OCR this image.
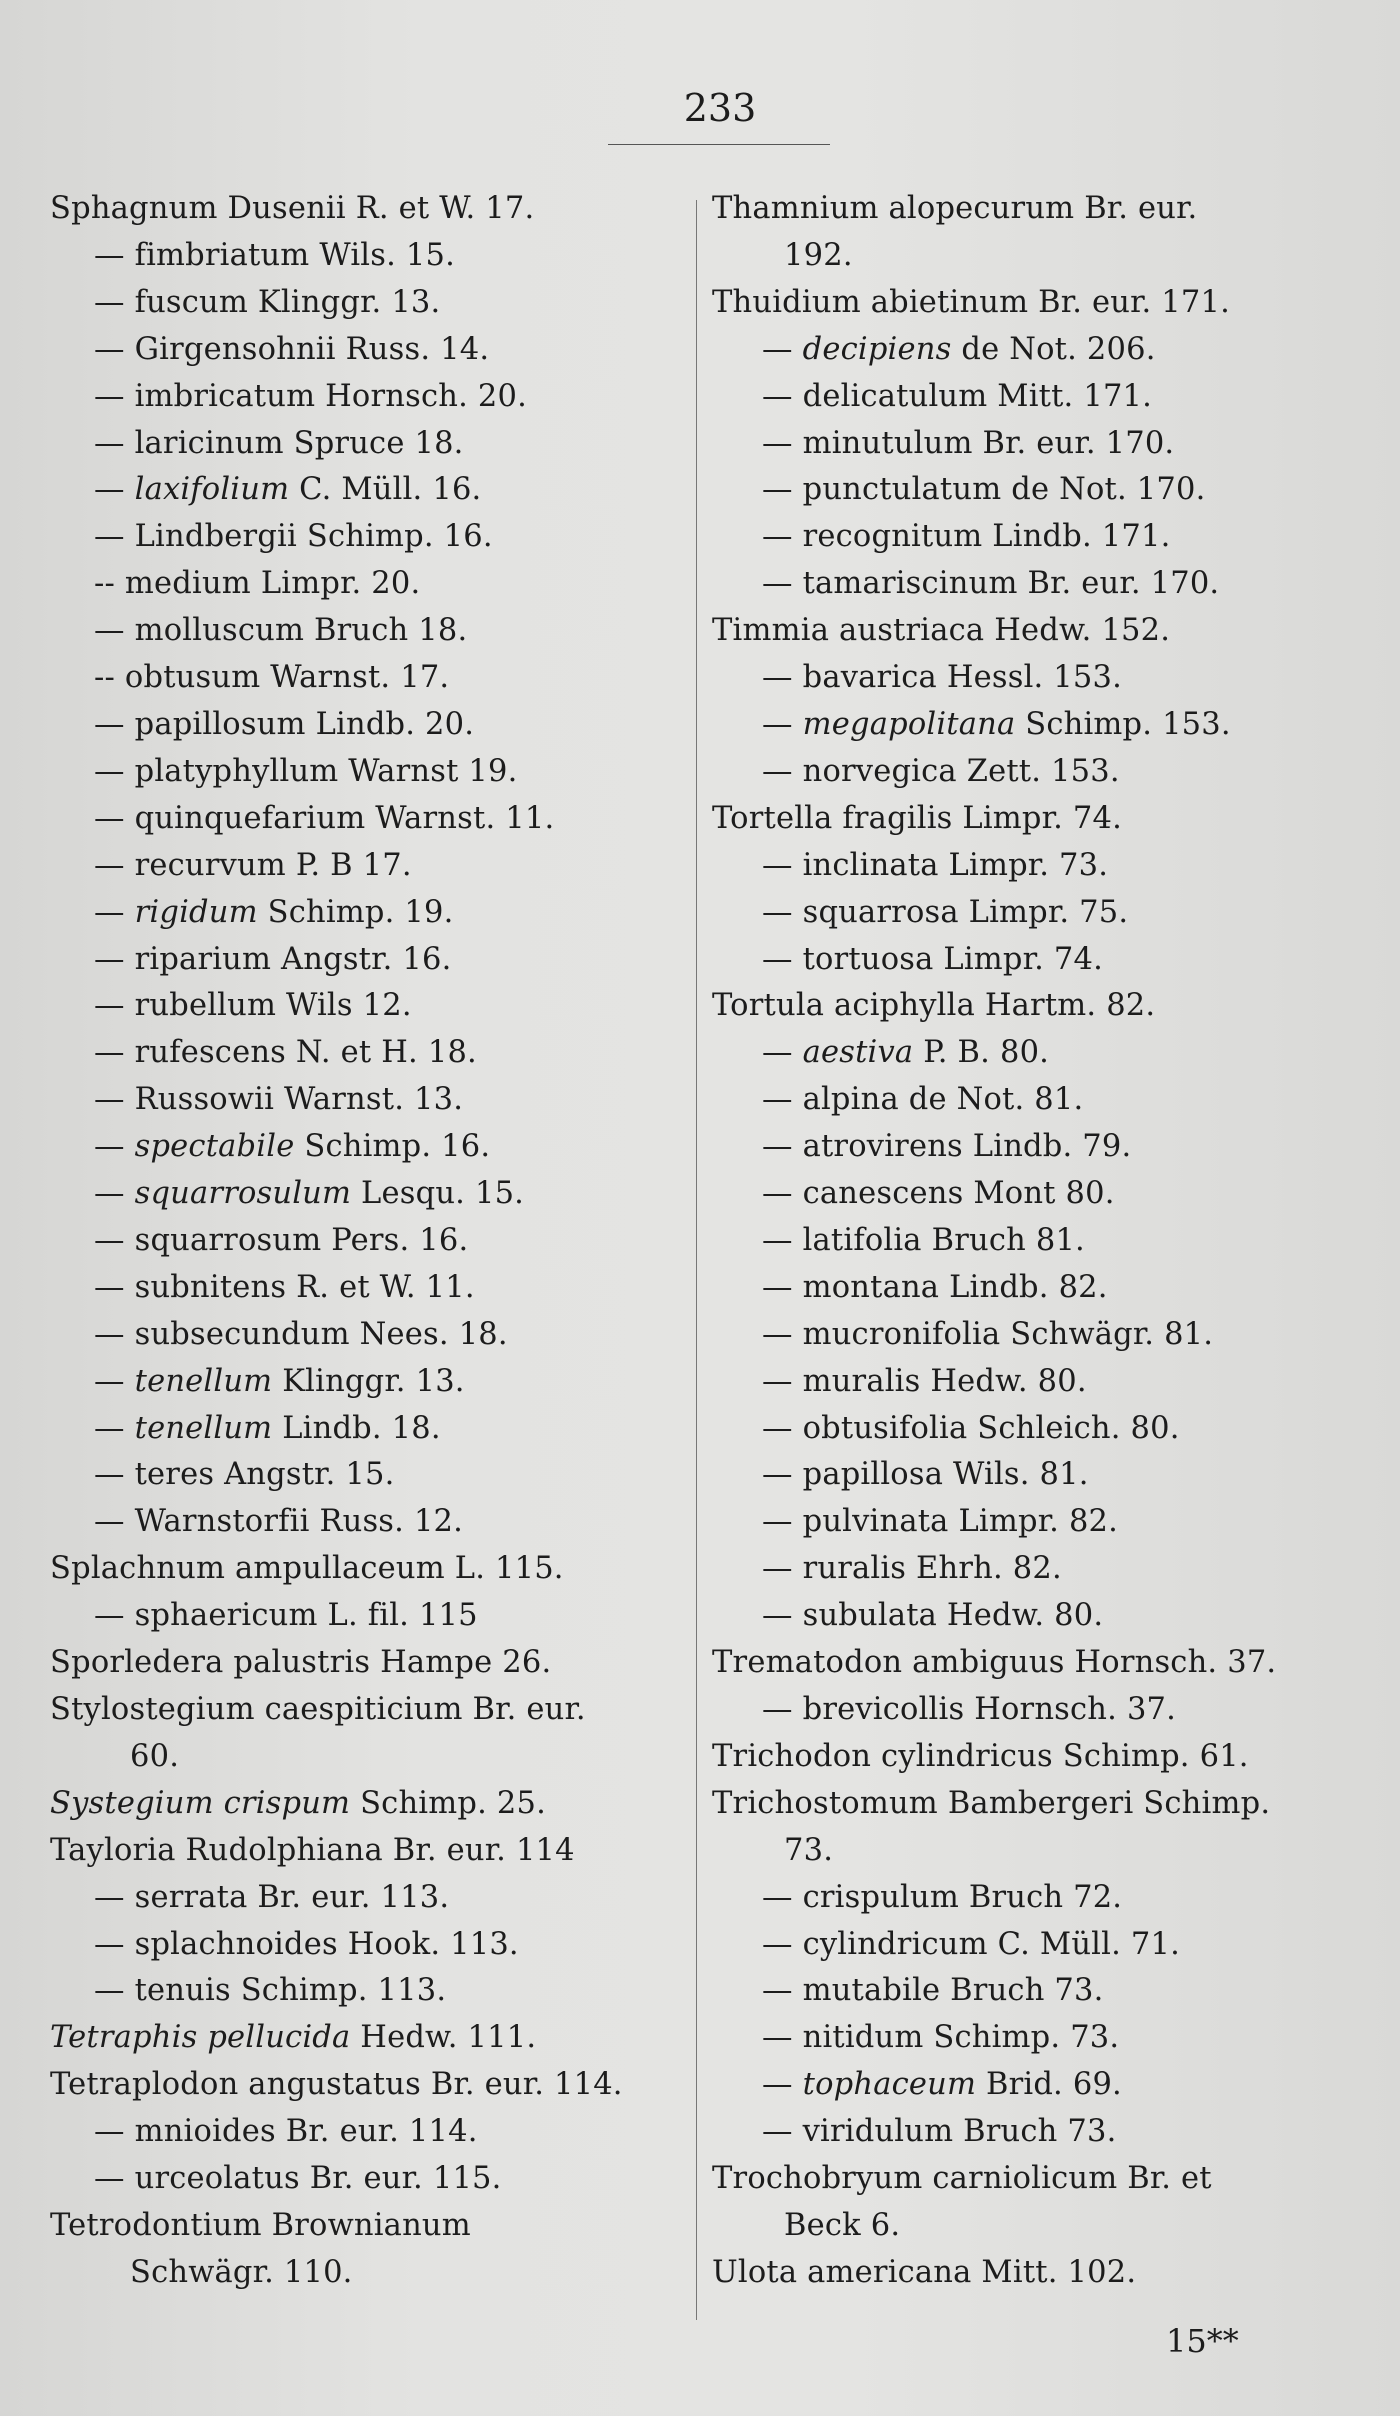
233
Sphagnum Dusenii R. et W. 17.
— fimbriatum Wils. 15.
— fuscum Klinggr. 13.
— Girgensohnii Russ. 14.
— imbricatum Hornsch. 20.
— laricinum Spruce 18.
— laxifolium C. Müll. 16.
— Lindbergii Schimp. 16.
-- medium Limpr. 20.
— molluscum Bruch 18.
-- obtusum Warnst. 17.
— papillosum Lindb. 20.
— platyphyllum Warnst 19.
— quinquefarium Warnst. 11.
— recurvum P. B 17.
— rigidum Schimp. 19.
— riparium Angstr. 16.
— rubellum Wils 12.
— rufescens N. et H. 18.
— Russowii Warnst. 13.
— spectabile Schimp. 16.
— squarrosulum Lesqu. 15.
— squarrosum Pers. 16.
— subnitens R. et W. 11.
— subsecundum Nees. 18.
— tenellum Klinggr. 13.
— tenellum Lindb. 18.
— teres Angstr. 15.
— Warnstorfii Russ. 12.
Splachnum ampullaceum L. 115.
— sphaericum L. fil. 115
Sporledera palustris Hampe 26.
Stylostegium caespiticium Br. eur.
60.
Systegium crispum Schimp. 25.
Tayloria Rudolphiana Br. eur. 114
— serrata Br. eur. 113.
— splachnoides Hook. 113.
— tenuis Schimp. 113.
Tetraphis pellucida Hedw. 111.
Tetraplodon angustatus Br. eur. 114.
— mnioides Br. eur. 114.
— urceolatus Br. eur. 115.
Tetrodontium Brownianum
Schwägr. 110.
Thamnium alopecurum Br. eur.
192.
Thuidium abietinum Br. eur. 171.
— decipiens de Not. 206.
— delicatulum Mitt. 171.
— minutulum Br. eur. 170.
— punctulatum de Not. 170.
— recognitum Lindb. 171.
— tamariscinum Br. eur. 170.
Timmia austriaca Hedw. 152.
— bavarica Hessl. 153.
— megapolitana Schimp. 153.
— norvegica Zett. 153.
Tortella fragilis Limpr. 74.
— inclinata Limpr. 73.
— squarrosa Limpr. 75.
— tortuosa Limpr. 74.
Tortula aciphylla Hartm. 82.
— aestiva P. B. 80.
— alpina de Not. 81.
— atrovirens Lindb. 79.
— canescens Mont 80.
— latifolia Bruch 81.
— montana Lindb. 82.
— mucronifolia Schwägr. 81.
— muralis Hedw. 80.
— obtusifolia Schleich. 80.
— papillosa Wils. 81.
— pulvinata Limpr. 82.
— ruralis Ehrh. 82.
— subulata Hedw. 80.
Trematodon ambiguus Hornsch. 37.
— brevicollis Hornsch. 37.
Trichodon cylindricus Schimp. 61.
Trichostomum Bambergeri Schimp.
73.
— crispulum Bruch 72.
— cylindricum C. Müll. 71.
— mutabile Bruch 73.
— nitidum Schimp. 73.
— tophaceum Brid. 69.
— viridulum Bruch 73.
Trochobryum carniolicum Br. et
Beck 6.
Ulota americana Mitt. 102.
15**
